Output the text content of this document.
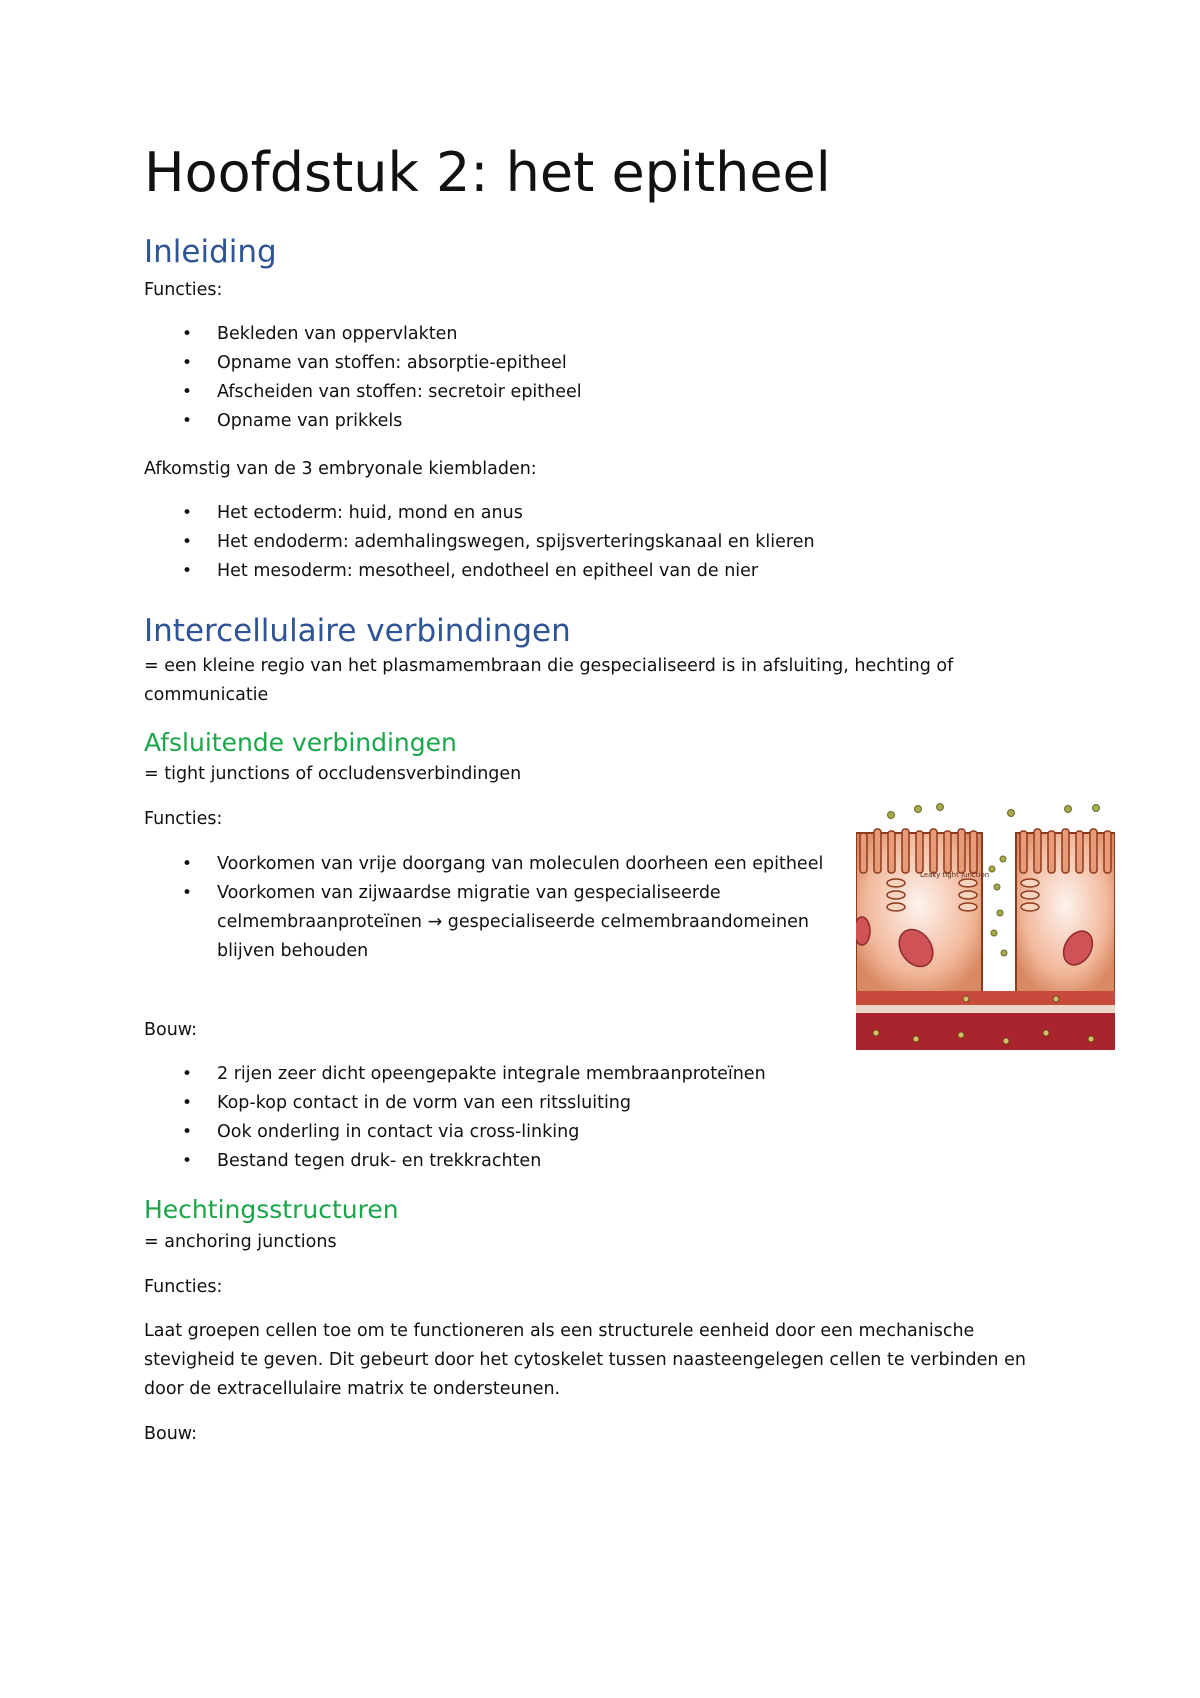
Hoofdstuk 2: het epitheel
Inleiding
Functies:
• Bekleden van oppervlakten
• Opname van stoffen: absorptie-epitheel
• Afscheiden van stoffen: secretoir epitheel
• Opname van prikkels
Afkomstig van de 3 embryonale kiembladen:
• Het ectoderm: huid, mond en anus
• Het endoderm: ademhalingswegen, spijsverteringskanaal en klieren
• Het mesoderm: mesotheel, endotheel en epitheel van de nier
Intercellulaire verbindingen
= een kleine regio van het plasmamembraan die gespecialiseerd is in afsluiting, hechting of communicatie
Afsluitende verbindingen
= tight junctions of occludensverbindingen
Functies:
• Voorkomen van vrije doorgang van moleculen doorheen een epitheel
• Voorkomen van zijwaardse migratie van gespecialiseerde celmembraanproteïnen → gespecialiseerde celmembraandomeinen blijven behouden
Bouw:
• 2 rijen zeer dicht opeengepakte integrale membraanproteïnen
• Kop-kop contact in de vorm van een ritssluiting
• Ook onderling in contact via cross-linking
• Bestand tegen druk- en trekkrachten
Hechtingsstructuren
= anchoring junctions
Functies:
Laat groepen cellen toe om te functioneren als een structurele eenheid door een mechanische stevigheid te geven. Dit gebeurt door het cytoskelet tussen naasteengelegen cellen te verbinden en door de extracellulaire matrix te ondersteunen.
Bouw:
Leaky tight junction
